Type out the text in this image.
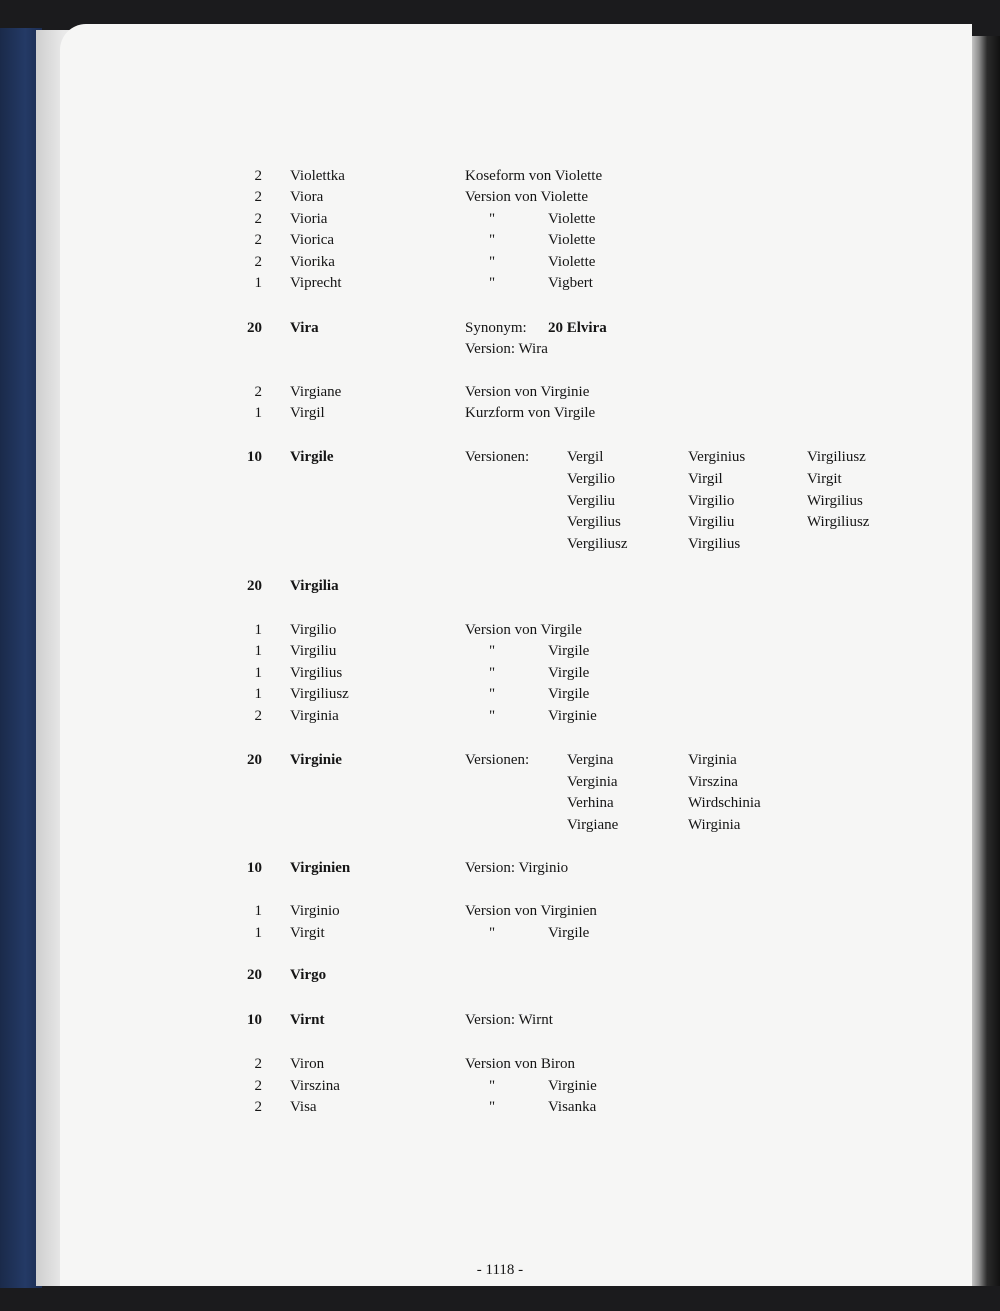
2 Violettka	Koseform von Violette
2 Viora	Version von Violette
2 Vioria	"	Violette
2 Viorica	"	Violette
2 Viorika	"	Violette
1 Viprecht	"	Vigbert
20 Vira	Synonym: 20 Elvira
Version: Wira
2 Virgiane	Version von Virginie
1 Virgil	Kurzform von Virgile
10 Virgile	Versionen:	Vergil	Verginius	Virgiliusz
Vergilio	Virgil	Virgit
Vergiliu	Virgilio	Wirgilius
Vergilius	Virgiliu	Wirgiliusz
Vergiliusz	Virgilius
20 Virgilia
1 Virgilio	Version von Virgile
1 Virgiliu	"	Virgile
1 Virgilius	"	Virgile
1 Virgiliusz	"	Virgile
2 Virginia	"	Virginie
20 Virginie	Versionen:	Vergina	Virginia
Verginia	Virszina
Verhina	Wirdschinia
Virgiane	Wirginia
10 Virginien	Version: Virginio
1 Virginio	Version von Virginien
1 Virgit	"	Virgile
20 Virgo
10 Virnt	Version: Wirnt
2 Viron	Version von Biron
2 Virszina	"	Virginie
2 Visa	"	Visanka
- 1118 -
